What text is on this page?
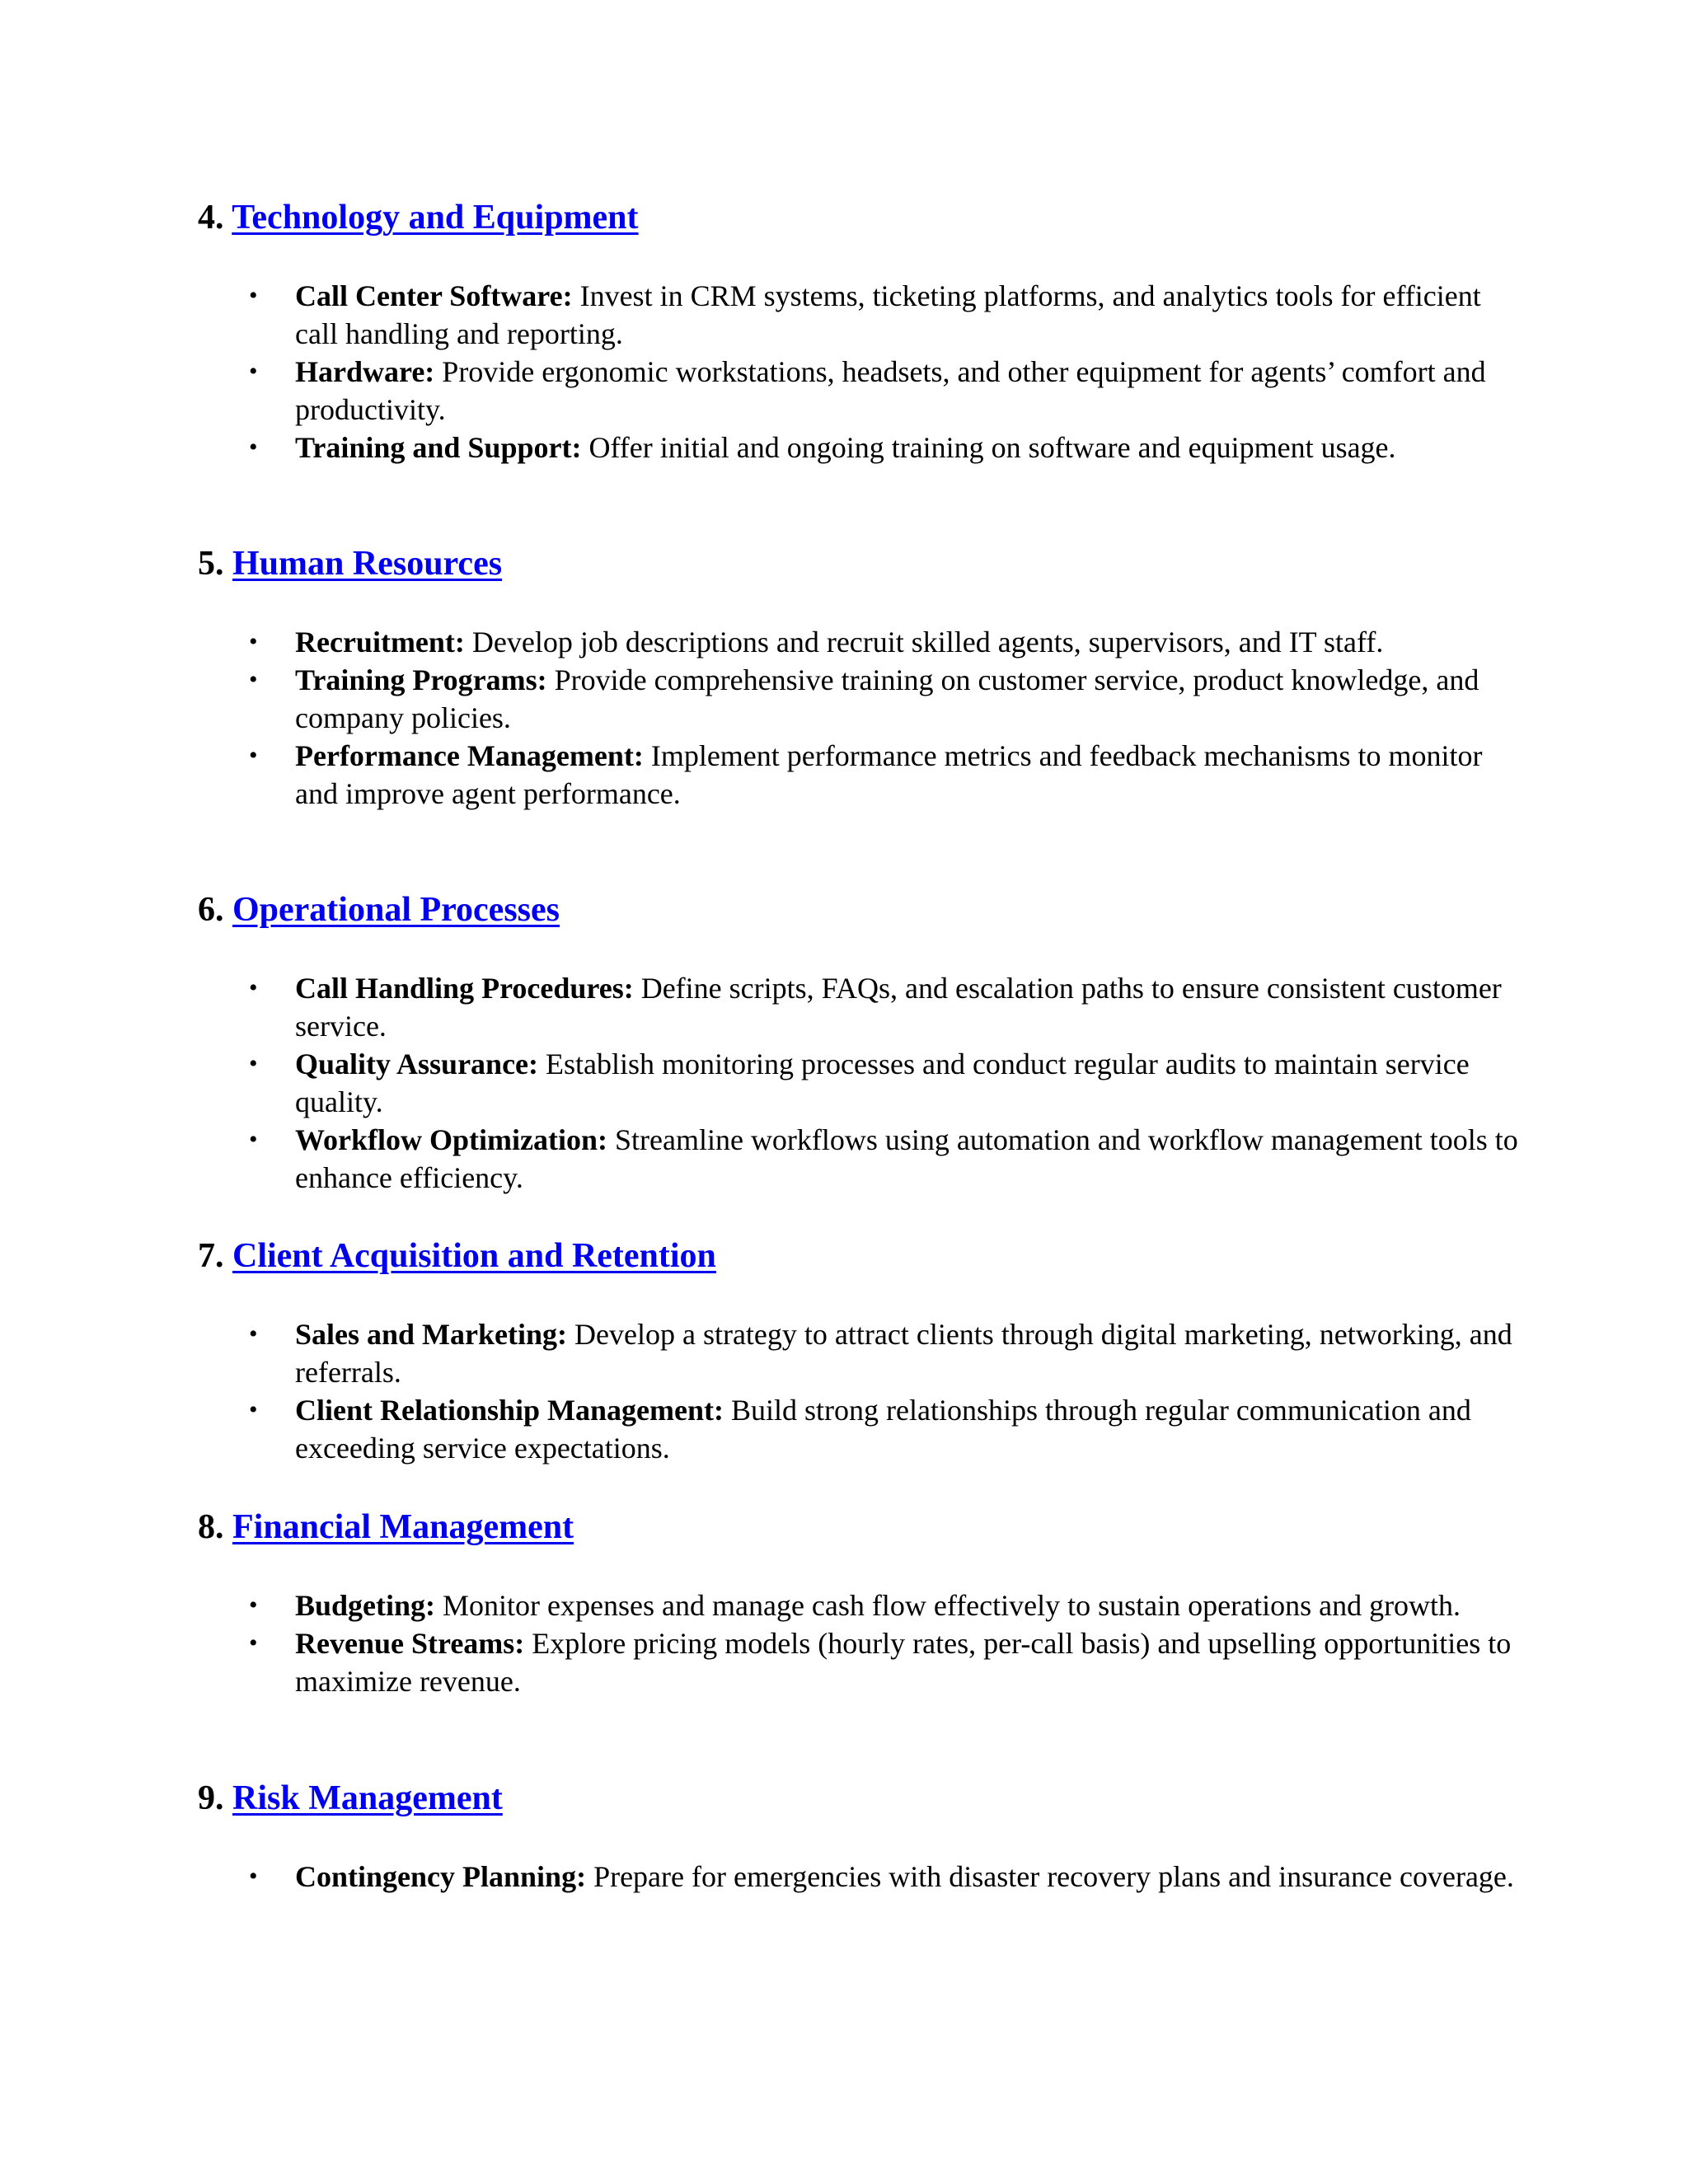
4. Technology and Equipment
• Call Center Software: Invest in CRM systems, ticketing platforms, and analytics tools for efficient call handling and reporting.
• Hardware: Provide ergonomic workstations, headsets, and other equipment for agents’ comfort and productivity.
• Training and Support: Offer initial and ongoing training on software and equipment usage.
5. Human Resources
• Recruitment: Develop job descriptions and recruit skilled agents, supervisors, and IT staff.
• Training Programs: Provide comprehensive training on customer service, product knowledge, and company policies.
• Performance Management: Implement performance metrics and feedback mechanisms to monitor and improve agent performance.
6. Operational Processes
• Call Handling Procedures: Define scripts, FAQs, and escalation paths to ensure consistent customer service.
• Quality Assurance: Establish monitoring processes and conduct regular audits to maintain service quality.
• Workflow Optimization: Streamline workflows using automation and workflow management tools to enhance efficiency.
7. Client Acquisition and Retention
• Sales and Marketing: Develop a strategy to attract clients through digital marketing, networking, and referrals.
• Client Relationship Management: Build strong relationships through regular communication and exceeding service expectations.
8. Financial Management
• Budgeting: Monitor expenses and manage cash flow effectively to sustain operations and growth.
• Revenue Streams: Explore pricing models (hourly rates, per-call basis) and upselling opportunities to maximize revenue.
9. Risk Management
• Contingency Planning: Prepare for emergencies with disaster recovery plans and insurance coverage.
